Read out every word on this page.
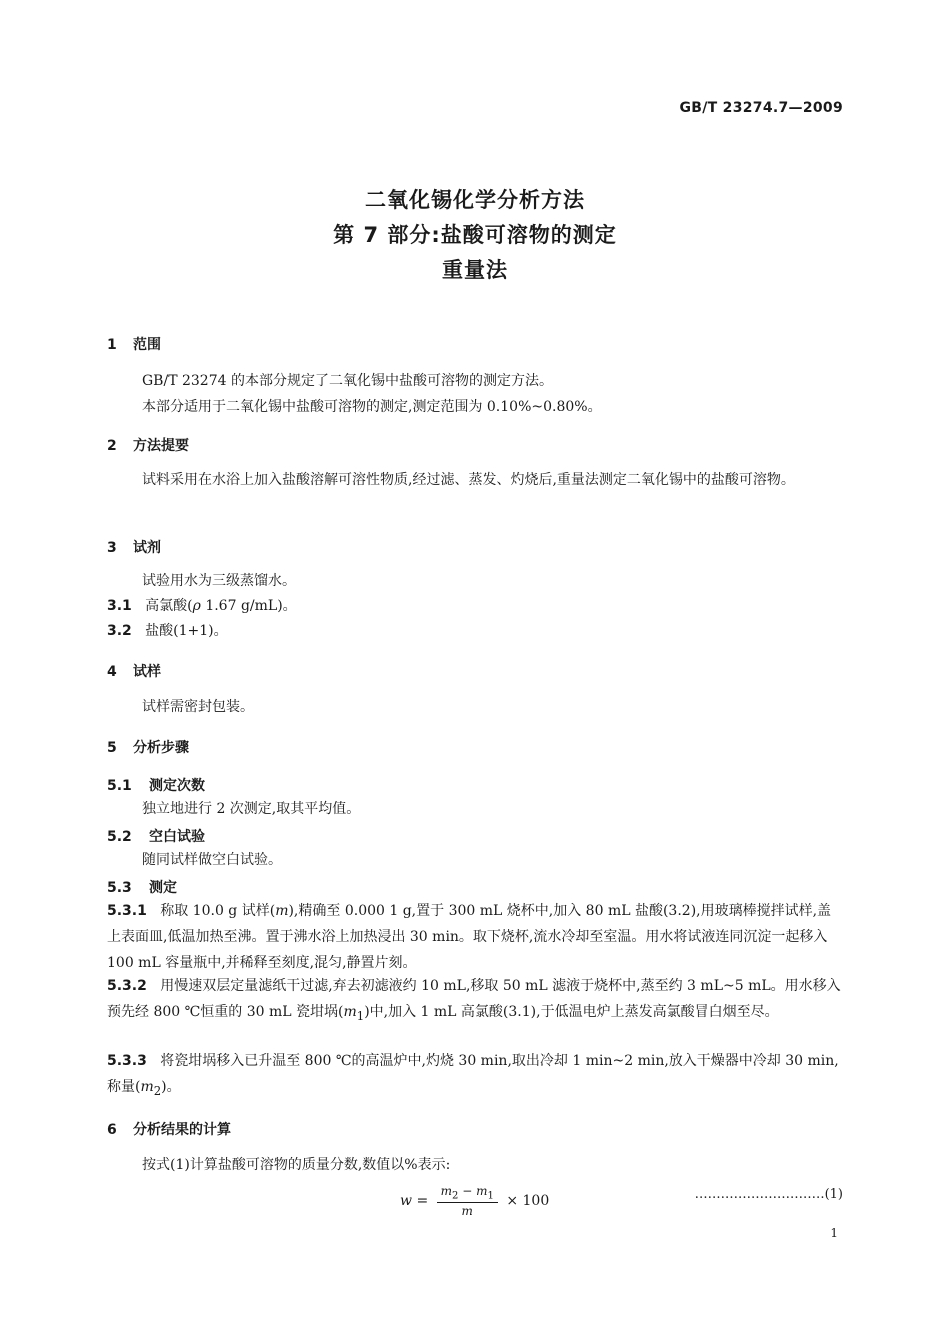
GB/T 23274.7—2009
二氧化锡化学分析方法
第 7 部分:盐酸可溶物的测定
重量法
1 范围
GB/T 23274 的本部分规定了二氧化锡中盐酸可溶物的测定方法。
本部分适用于二氧化锡中盐酸可溶物的测定,测定范围为 0.10%~0.80%。
2 方法提要
试料采用在水浴上加入盐酸溶解可溶性物质,经过滤、蒸发、灼烧后,重量法测定二氧化锡中的盐酸可溶物。
3 试剂
试验用水为三级蒸馏水。
3.1 高氯酸(ρ 1.67 g/mL)。
3.2 盐酸(1+1)。
4 试样
试样需密封包装。
5 分析步骤
5.1 测定次数
独立地进行 2 次测定,取其平均值。
5.2 空白试验
随同试样做空白试验。
5.3 测定
5.3.1 称取 10.0 g 试样(m),精确至 0.000 1 g,置于 300 mL 烧杯中,加入 80 mL 盐酸(3.2),用玻璃棒搅拌试样,盖上表面皿,低温加热至沸。置于沸水浴上加热浸出 30 min。取下烧杯,流水冷却至室温。用水将试液连同沉淀一起移入 100 mL 容量瓶中,并稀释至刻度,混匀,静置片刻。
5.3.2 用慢速双层定量滤纸干过滤,弃去初滤液约 10 mL,移取 50 mL 滤液于烧杯中,蒸至约 3 mL~5 mL。用水移入预先经 800 ℃恒重的 30 mL 瓷坩埚$(m_1)$中,加入 1 mL 高氯酸(3.1),于低温电炉上蒸发高氯酸冒白烟至尽。
5.3.3 将瓷坩埚移入已升温至 800 ℃的高温炉中,灼烧 30 min,取出冷却 1 min~2 min,放入干燥器中冷却 30 min,称量$(m_2)$。
6 分析结果的计算
按式(1)计算盐酸可溶物的质量分数,数值以%表示:
$w = \frac{m_2 - m_1}{m} \times 100$	…………………………(1)
1
